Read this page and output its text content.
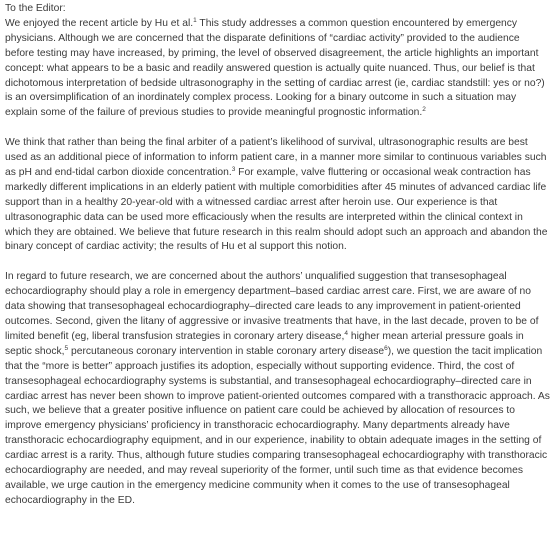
To the Editor:

We enjoyed the recent article by Hu et al.$^1$ This study addresses a common question encountered by emergency physicians. Although we are concerned that the disparate definitions of “cardiac activity” provided to the audience before testing may have increased, by priming, the level of observed disagreement, the article highlights an important concept: what appears to be a basic and readily answered question is actually quite nuanced. Thus, our belief is that dichotomous interpretation of bedside ultrasonography in the setting of cardiac arrest (ie, cardiac standstill: yes or no?) is an oversimplification of an inordinately complex process. Looking for a binary outcome in such a situation may explain some of the failure of previous studies to provide meaningful prognostic information.$^2$

We think that rather than being the final arbiter of a patient’s likelihood of survival, ultrasonographic results are best used as an additional piece of information to inform patient care, in a manner more similar to continuous variables such as pH and end-tidal carbon dioxide concentration.$^3$ For example, valve fluttering or occasional weak contraction has markedly different implications in an elderly patient with multiple comorbidities after 45 minutes of advanced cardiac life support than in a healthy 20-year-old with a witnessed cardiac arrest after heroin use. Our experience is that ultrasonographic data can be used more efficaciously when the results are interpreted within the clinical context in which they are obtained. We believe that future research in this realm should adopt such an approach and abandon the binary concept of cardiac activity; the results of Hu et al support this notion.

In regard to future research, we are concerned about the authors’ unqualified suggestion that transesophageal echocardiography should play a role in emergency department–based cardiac arrest care. First, we are aware of no data showing that transesophageal echocardiography–directed care leads to any improvement in patient-oriented outcomes. Second, given the litany of aggressive or invasive treatments that have, in the last decade, proven to be of limited benefit (eg, liberal transfusion strategies in coronary artery disease,$^4$ higher mean arterial pressure goals in septic shock,$^5$ percutaneous coronary intervention in stable coronary artery disease$^6$), we question the tacit implication that the “more is better” approach justifies its adoption, especially without supporting evidence. Third, the cost of transesophageal echocardiography systems is substantial, and transesophageal echocardiography–directed care in cardiac arrest has never been shown to improve patient-oriented outcomes compared with a transthoracic approach. As such, we believe that a greater positive influence on patient care could be achieved by allocation of resources to improve emergency physicians’ proficiency in transthoracic echocardiography. Many departments already have transthoracic echocardiography equipment, and in our experience, inability to obtain adequate images in the setting of cardiac arrest is a rarity. Thus, although future studies comparing transesophageal echocardiography with transthoracic echocardiography are needed, and may reveal superiority of the former, until such time as that evidence becomes available, we urge caution in the emergency medicine community when it comes to the use of transesophageal echocardiography in the ED.
